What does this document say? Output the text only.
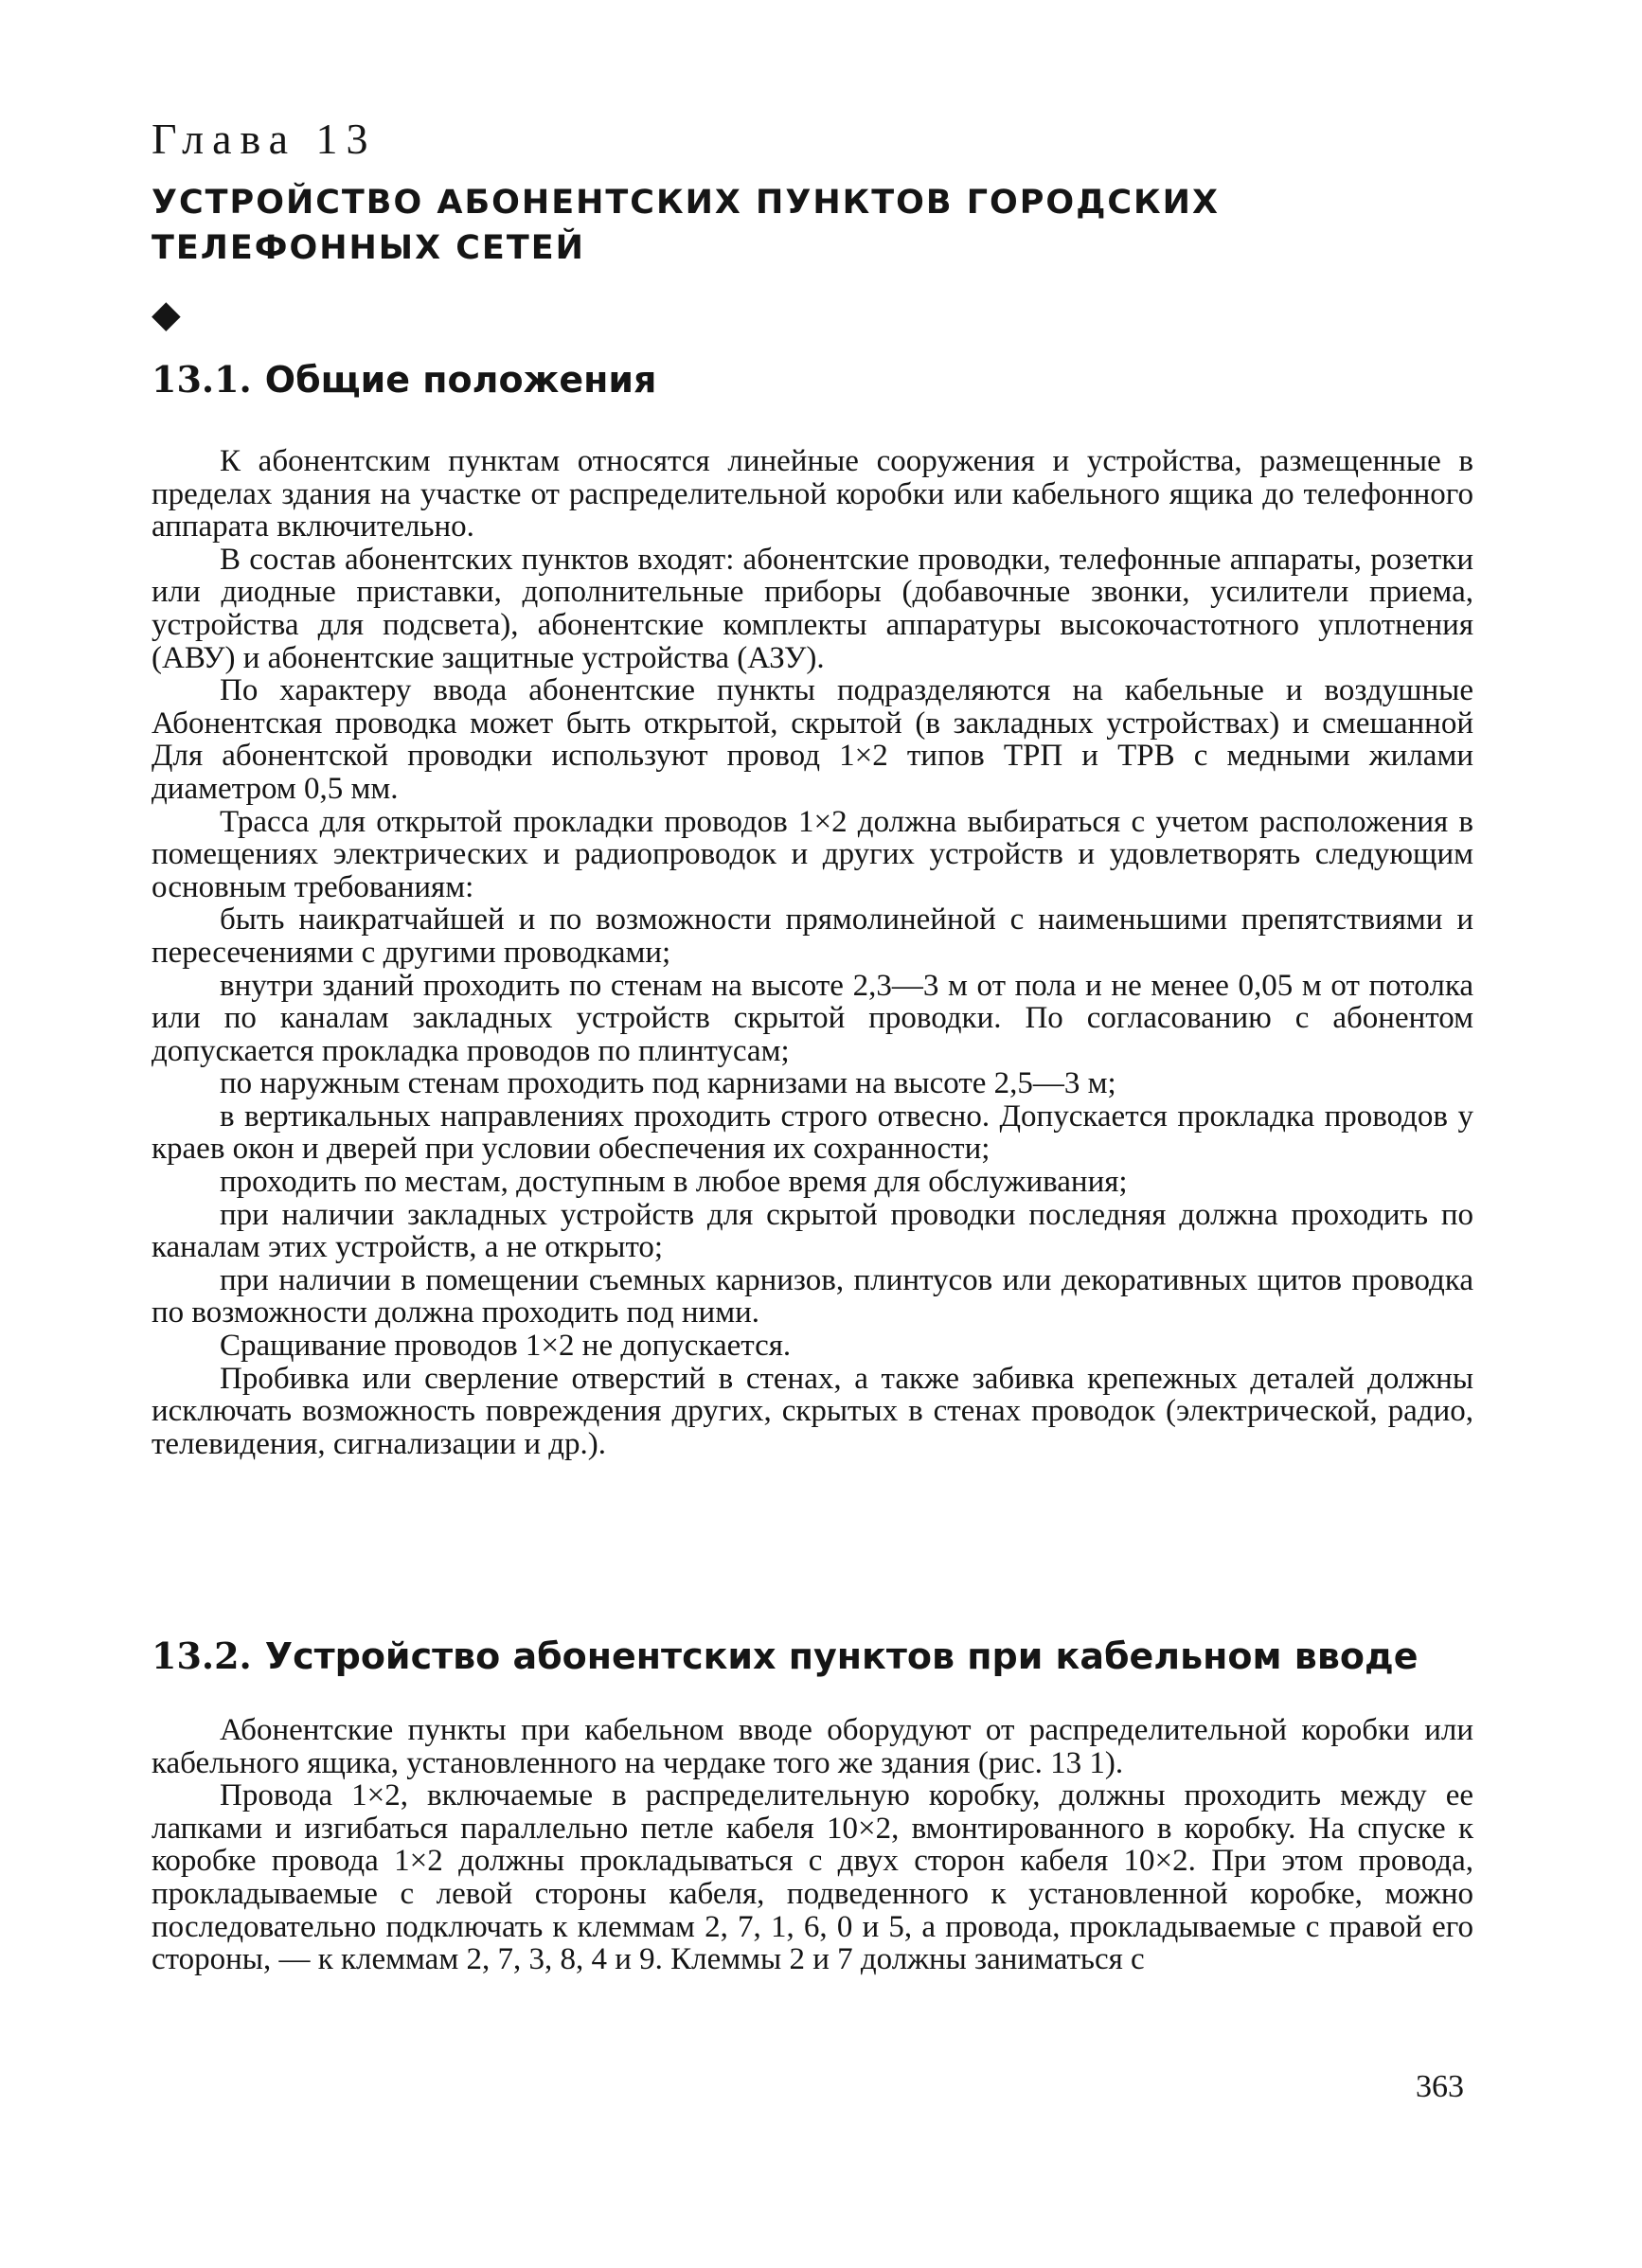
Глава 13
УСТРОЙСТВО АБОНЕНТСКИХ ПУНКТОВ ГОРОДСКИХ ТЕЛЕФОННЫХ СЕТЕЙ
◆
13.1. Общие положения

К абонентским пунктам относятся линейные сооружения и устройства, размещенные в пределах здания на участке от распределительной коробки или кабельного ящика до телефонного аппарата включительно.

В состав абонентских пунктов входят: абонентские проводки, телефонные аппараты, розетки или диодные приставки, дополнительные приборы (добавочные звонки, усилители приема, устройства для подсвета), абонентские комплекты аппаратуры высокочастотного уплотнения (АВУ) и абонентские защитные устройства (АЗУ).

По характеру ввода абонентские пункты подразделяются на кабельные и воздушные Абонентская проводка может быть открытой, скрытой (в закладных устройствах) и смешанной Для абонентской проводки используют провод 1×2 типов ТРП и ТРВ с медными жилами диаметром 0,5 мм.

Трасса для открытой прокладки проводов 1×2 должна выбираться с учетом расположения в помещениях электрических и радиопроводок и других устройств и удовлетворять следующим основным требованиям:

быть наикратчайшей и по возможности прямолинейной с наименьшими препятствиями и пересечениями с другими проводками;

внутри зданий проходить по стенам на высоте 2,3—3 м от пола и не менее 0,05 м от потолка или по каналам закладных устройств скрытой проводки. По согласованию с абонентом допускается прокладка проводов по плинтусам;

по наружным стенам проходить под карнизами на высоте 2,5—3 м;

в вертикальных направлениях проходить строго отвесно. Допускается прокладка проводов у краев окон и дверей при условии обеспечения их сохранности;

проходить по местам, доступным в любое время для обслуживания;

при наличии закладных устройств для скрытой проводки последняя должна проходить по каналам этих устройств, а не открыто;

при наличии в помещении съемных карнизов, плинтусов или декоративных щитов проводка по возможности должна проходить под ними.

Сращивание проводов 1×2 не допускается.

Пробивка или сверление отверстий в стенах, а также забивка крепежных деталей должны исключать возможность повреждения других, скрытых в стенах проводок (электрической, радио, телевидения, сигнализации и др.).

13.2. Устройство абонентских пунктов при кабельном вводе

Абонентские пункты при кабельном вводе оборудуют от распределительной коробки или кабельного ящика, установленного на чердаке того же здания (рис. 13 1).

Провода 1×2, включаемые в распределительную коробку, должны проходить между ее лапками и изгибаться параллельно петле кабеля 10×2, вмонтированного в коробку. На спуске к коробке провода 1×2 должны прокладываться с двух сторон кабеля 10×2. При этом провода, прокладываемые с левой стороны кабеля, подведенного к установленной коробке, можно последовательно подключать к клеммам 2, 7, 1, 6, 0 и 5, а провода, прокладываемые с правой его стороны, — к клеммам 2, 7, 3, 8, 4 и 9. Клеммы 2 и 7 должны заниматься с

363
